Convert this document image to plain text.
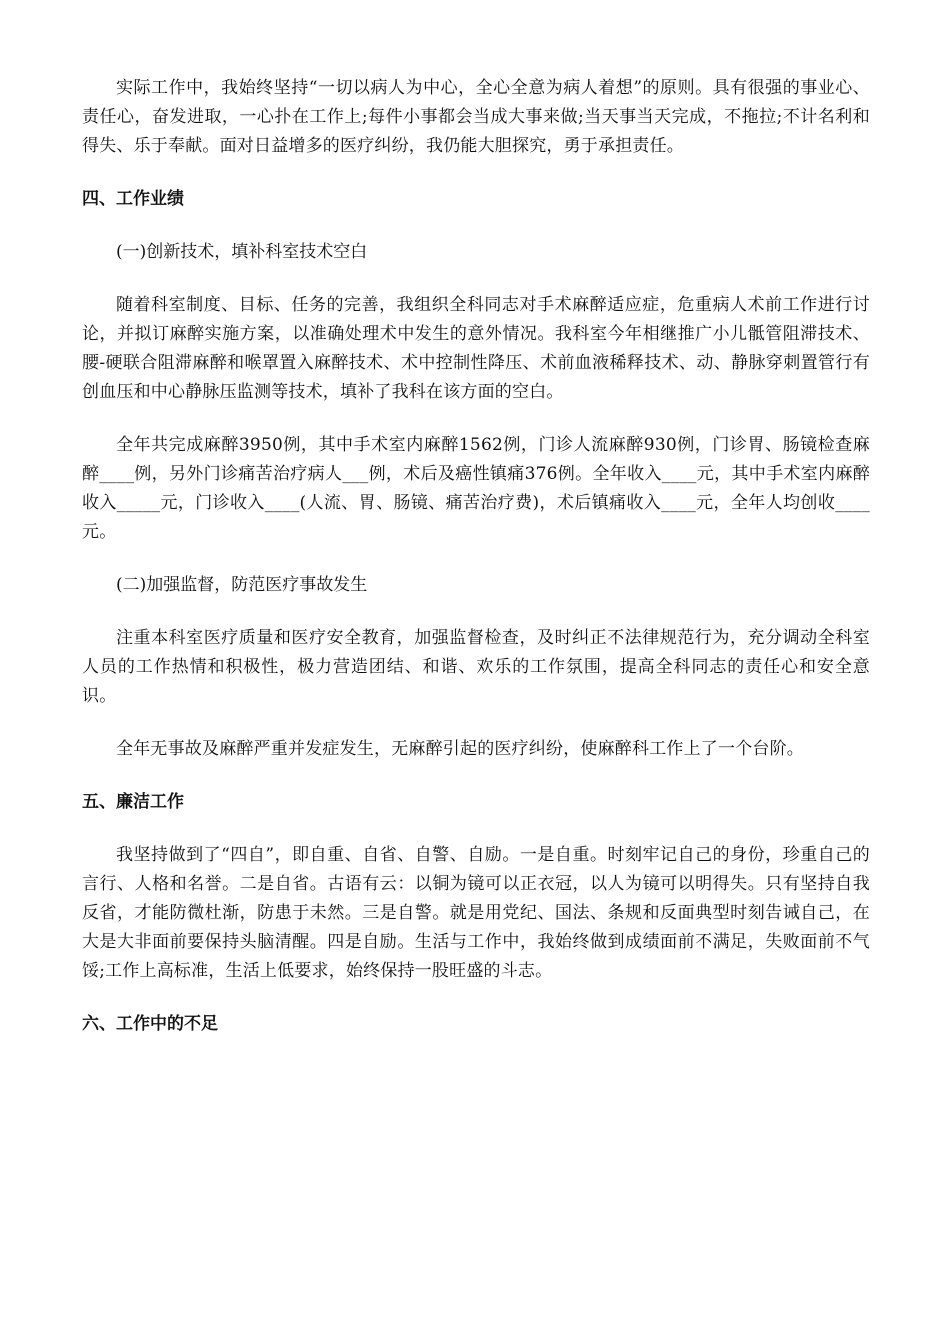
实际工作中，我始终坚持“一切以病人为中心，全心全意为病人着想”的原则。具有很强的事业心、责任心，奋发进取，一心扑在工作上;每件小事都会当成大事来做;当天事当天完成，不拖拉;不计名利和得失、乐于奉献。面对日益增多的医疗纠纷，我仍能大胆探究，勇于承担责任。

四、工作业绩

(一)创新技术，填补科室技术空白

随着科室制度、目标、任务的完善，我组织全科同志对手术麻醉适应症，危重病人术前工作进行讨论，并拟订麻醉实施方案，以准确处理术中发生的意外情况。我科室今年相继推广小儿骶管阻滞技术、腰-硬联合阻滞麻醉和喉罩置入麻醉技术、术中控制性降压、术前血液稀释技术、动、静脉穿刺置管行有创血压和中心静脉压监测等技术，填补了我科在该方面的空白。

全年共完成麻醉3950例，其中手术室内麻醉1562例，门诊人流麻醉930例，门诊胃、肠镜检查麻醉____例，另外门诊痛苦治疗病人___例，术后及癌性镇痛376例。全年收入____元，其中手术室内麻醉收入_____元，门诊收入____(人流、胃、肠镜、痛苦治疗费)，术后镇痛收入____元，全年人均创收____元。

(二)加强监督，防范医疗事故发生

注重本科室医疗质量和医疗安全教育，加强监督检查，及时纠正不法律规范行为，充分调动全科室人员的工作热情和积极性，极力营造团结、和谐、欢乐的工作氛围，提高全科同志的责任心和安全意识。

全年无事故及麻醉严重并发症发生，无麻醉引起的医疗纠纷，使麻醉科工作上了一个台阶。

五、廉洁工作

我坚持做到了“四自”，即自重、自省、自警、自励。一是自重。时刻牢记自己的身份，珍重自己的言行、人格和名誉。二是自省。古语有云：以铜为镜可以正衣冠，以人为镜可以明得失。只有坚持自我反省，才能防微杜渐，防患于未然。三是自警。就是用党纪、国法、条规和反面典型时刻告诫自己，在大是大非面前要保持头脑清醒。四是自励。生活与工作中，我始终做到成绩面前不满足，失败面前不气馁;工作上高标准，生活上低要求，始终保持一股旺盛的斗志。

六、工作中的不足
